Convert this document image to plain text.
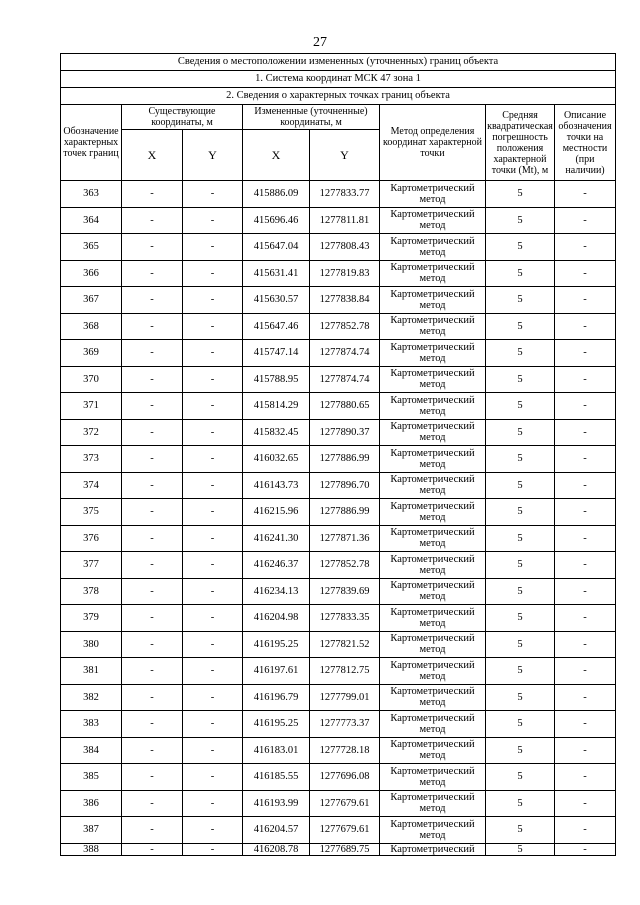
27
Сведения о местоположении измененных (уточненных) границ объекта							
1. Система координат МСК 47 зона 1							
2. Сведения о характерных точках границ объекта							
Обозначение характерных точек границ	Существующие координаты, м		Измененные (уточненные) координаты, м		Метод определения координат характерной точки	Средняя квадратическая погрешность положения характерной точки (Mt), м	Описание обозначения точки на местности (при наличии)
	X	Y	X	Y			
363	-	-	415886.09	1277833.77	Картометрический метод	5	-
364	-	-	415696.46	1277811.81	Картометрический метод	5	-
365	-	-	415647.04	1277808.43	Картометрический метод	5	-
366	-	-	415631.41	1277819.83	Картометрический метод	5	-
367	-	-	415630.57	1277838.84	Картометрический метод	5	-
368	-	-	415647.46	1277852.78	Картометрический метод	5	-
369	-	-	415747.14	1277874.74	Картометрический метод	5	-
370	-	-	415788.95	1277874.74	Картометрический метод	5	-
371	-	-	415814.29	1277880.65	Картометрический метод	5	-
372	-	-	415832.45	1277890.37	Картометрический метод	5	-
373	-	-	416032.65	1277886.99	Картометрический метод	5	-
374	-	-	416143.73	1277896.70	Картометрический метод	5	-
375	-	-	416215.96	1277886.99	Картометрический метод	5	-
376	-	-	416241.30	1277871.36	Картометрический метод	5	-
377	-	-	416246.37	1277852.78	Картометрический метод	5	-
378	-	-	416234.13	1277839.69	Картометрический метод	5	-
379	-	-	416204.98	1277833.35	Картометрический метод	5	-
380	-	-	416195.25	1277821.52	Картометрический метод	5	-
381	-	-	416197.61	1277812.75	Картометрический метод	5	-
382	-	-	416196.79	1277799.01	Картометрический метод	5	-
383	-	-	416195.25	1277773.37	Картометрический метод	5	-
384	-	-	416183.01	1277728.18	Картометрический метод	5	-
385	-	-	416185.55	1277696.08	Картометрический метод	5	-
386	-	-	416193.99	1277679.61	Картометрический метод	5	-
387	-	-	416204.57	1277679.61	Картометрический метод	5	-
388	-	-	416208.78	1277689.75	Картометрический	5	-
